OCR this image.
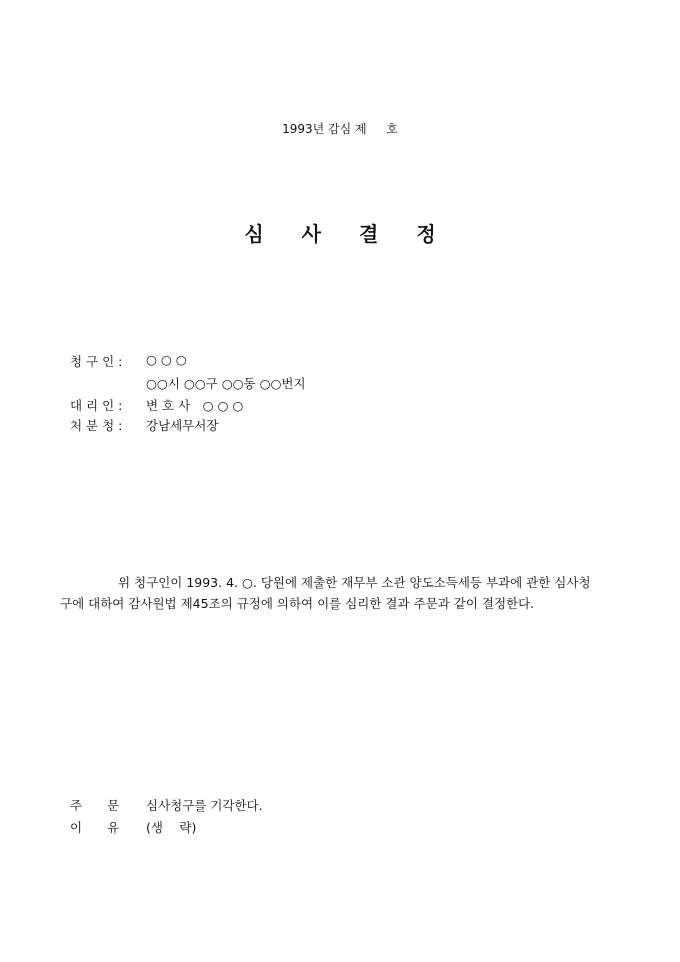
1993년 감심 제 　 호
심 사 결 정
청 구 인 :	○ ○ ○
○○시 ○○구 ○○동 ○○번지
대 리 인 :	변 호 사　○ ○ ○
처 분 청 :	강남세무서장
위 청구인이 1993. 4. ○. 당원에 제출한 재무부 소관 양도소득세등 부과에 관한 심사청
구에 대하여 감사원법 제45조의 규정에 의하여 이를 심리한 결과 주문과 같이 결정한다.
주　　문 심사청구를 기각한다.
이　　유 (생　 략)
